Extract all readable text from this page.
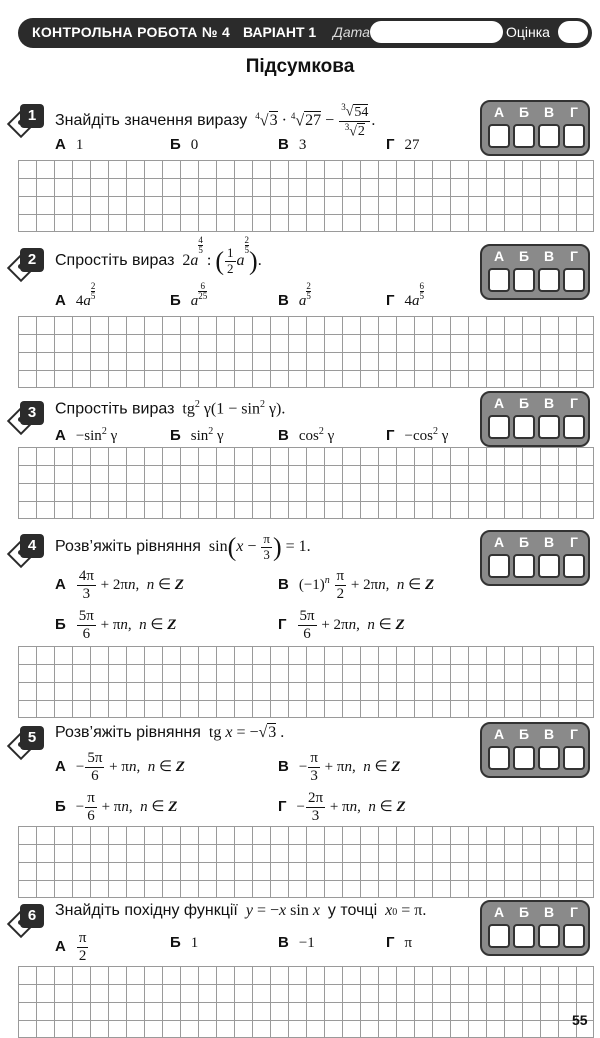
КОНТРОЛЬНА РОБОТА № 4 ВАРІАНТ 1 Дата	Оцінка
Підсумкова
1	Знайдіть значення виразу $^4√3 \cdot ^4√27 - \frac{^3√54}{^3√2}$ .
А 1	Б 0	В 3	Г 27
А	Б	В	Г
2	Спростіть вираз  2a
$\frac{4}{5}$
: ( $\frac{1}{2}$ a
$\frac{2}{5}$
).
А $4a \frac{2}{5}$	Б a $\frac{6}{25}$	В a $\frac{2}{5}$	Г $4a \frac{6}{5}$
А	Б	В	Г
3	Спростіть вираз  $tg^2$ $\gamma(1 - \sin^2 \gamma)$.
$А -\sin^2$ γ	Б $\sin^2 \gamma$	В $\cos^2 \gamma$	$Г -\cos^2$ γ
А	Б	В	Г
4	Розв’яжіть рівняння  $\sin(x - \frac{\pi}{3}$ ) = 1.
А $\frac{4\pi}{3} + 2\pi n$,  n ∈ Z	В $(-1)^n \frac{\pi}{2} + 2\pi n$,  n ∈ Z
Б $\frac{5\pi}{6} + \pi n$,  n ∈ Z	Г $\frac{5\pi}{6} + 2\pi n$,  n ∈ Z
А	Б	В	Г
5	Розв’яжіть рівняння  tg x = −√3 .
$А - \frac{5\pi}{6} + \pi n$,  n ∈ Z	$В - \frac{\pi}{3} + \pi n$,  n ∈ Z
$Б - \frac{\pi}{6} + \pi n$,  n ∈ Z	$Г - \frac{2\pi}{3} + \pi n$,  n ∈ Z
А	Б	В	Г
6	Знайдіть похідну функції y = −x sin x у точці x0 = π.
А $\frac{\pi}{2}$	Б 1	В −1	Г π
А	Б	В	Г
55
